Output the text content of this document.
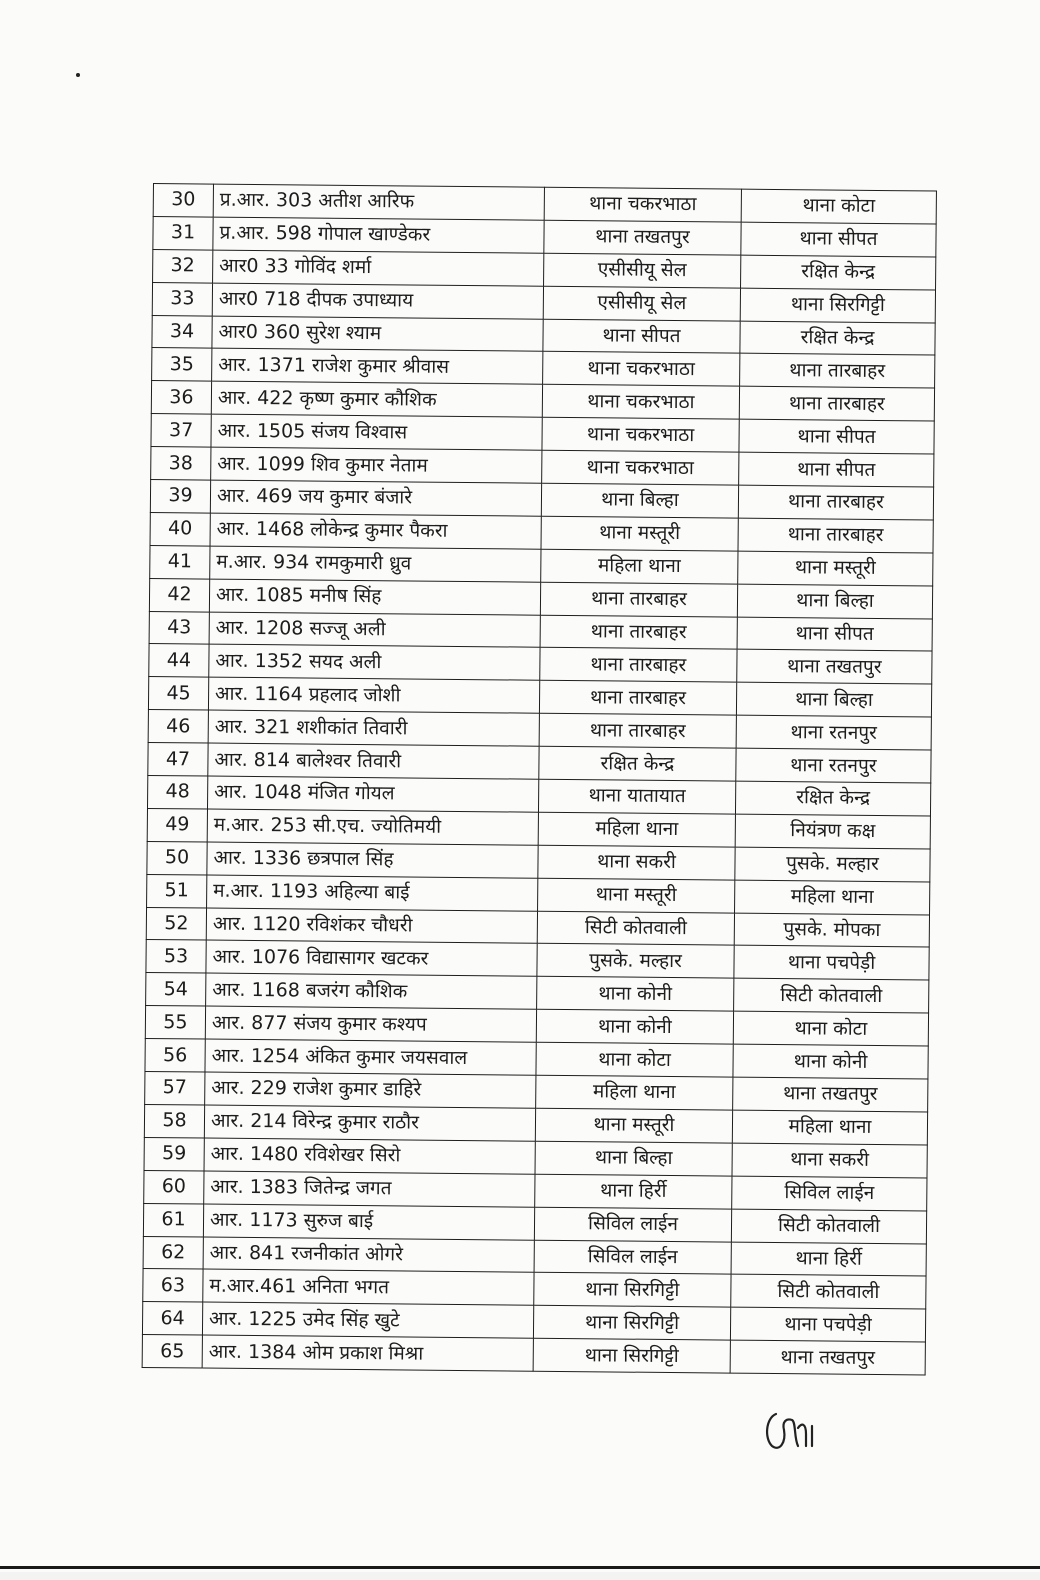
30	प्र.आर. 303 अतीश आरिफ	थाना चकरभाठा	थाना कोटा
31	प्र.आर. 598 गोपाल खाण्डेकर	थाना तखतपुर	थाना सीपत
32	आर0 33 गोविंद शर्मा	एसीसीयू सेल	रक्षित केन्द्र
33	आर0 718 दीपक उपाध्याय	एसीसीयू सेल	थाना सिरगिट्टी
34	आर0 360 सुरेश श्याम	थाना सीपत	रक्षित केन्द्र
35	आर. 1371 राजेश कुमार श्रीवास	थाना चकरभाठा	थाना तारबाहर
36	आर. 422 कृष्ण कुमार कौशिक	थाना चकरभाठा	थाना तारबाहर
37	आर. 1505 संजय विश्वास	थाना चकरभाठा	थाना सीपत
38	आर. 1099 शिव कुमार नेताम	थाना चकरभाठा	थाना सीपत
39	आर. 469 जय कुमार बंजारे	थाना बिल्हा	थाना तारबाहर
40	आर. 1468 लोकेन्द्र कुमार पैकरा	थाना मस्तूरी	थाना तारबाहर
41	म.आर. 934 रामकुमारी ध्रुव	महिला थाना	थाना मस्तूरी
42	आर. 1085 मनीष सिंह	थाना तारबाहर	थाना बिल्हा
43	आर. 1208 सज्जू अली	थाना तारबाहर	थाना सीपत
44	आर. 1352 सयद अली	थाना तारबाहर	थाना तखतपुर
45	आर. 1164 प्रहलाद जोशी	थाना तारबाहर	थाना बिल्हा
46	आर. 321 शशीकांत तिवारी	थाना तारबाहर	थाना रतनपुर
47	आर. 814 बालेश्वर तिवारी	रक्षित केन्द्र	थाना रतनपुर
48	आर. 1048 मंजित गोयल	थाना यातायात	रक्षित केन्द्र
49	म.आर. 253 सी.एच. ज्योतिमयी	महिला थाना	नियंत्रण कक्ष
50	आर. 1336 छत्रपाल सिंह	थाना सकरी	पुसके. मल्हार
51	म.आर. 1193 अहिल्या बाई	थाना मस्तूरी	महिला थाना
52	आर. 1120 रविशंकर चौधरी	सिटी कोतवाली	पुसके. मोपका
53	आर. 1076 विद्यासागर खटकर	पुसके. मल्हार	थाना पचपेड़ी
54	आर. 1168 बजरंग कौशिक	थाना कोनी	सिटी कोतवाली
55	आर. 877 संजय कुमार कश्यप	थाना कोनी	थाना कोटा
56	आर. 1254 अंकित कुमार जयसवाल	थाना कोटा	थाना कोनी
57	आर. 229 राजेश कुमार डाहिरे	महिला थाना	थाना तखतपुर
58	आर. 214 विरेन्द्र कुमार राठौर	थाना मस्तूरी	महिला थाना
59	आर. 1480 रविशेखर सिरो	थाना बिल्हा	थाना सकरी
60	आर. 1383 जितेन्द्र जगत	थाना हिर्री	सिविल लाईन
61	आर. 1173 सुरुज बाई	सिविल लाईन	सिटी कोतवाली
62	आर. 841 रजनीकांत ओगरे	सिविल लाईन	थाना हिर्री
63	म.आर.461 अनिता भगत	थाना सिरगिट्टी	सिटी कोतवाली
64	आर. 1225 उमेद सिंह खुटे	थाना सिरगिट्टी	थाना पचपेड़ी
65	आर. 1384 ओम प्रकाश मिश्रा	थाना सिरगिट्टी	थाना तखतपुर
